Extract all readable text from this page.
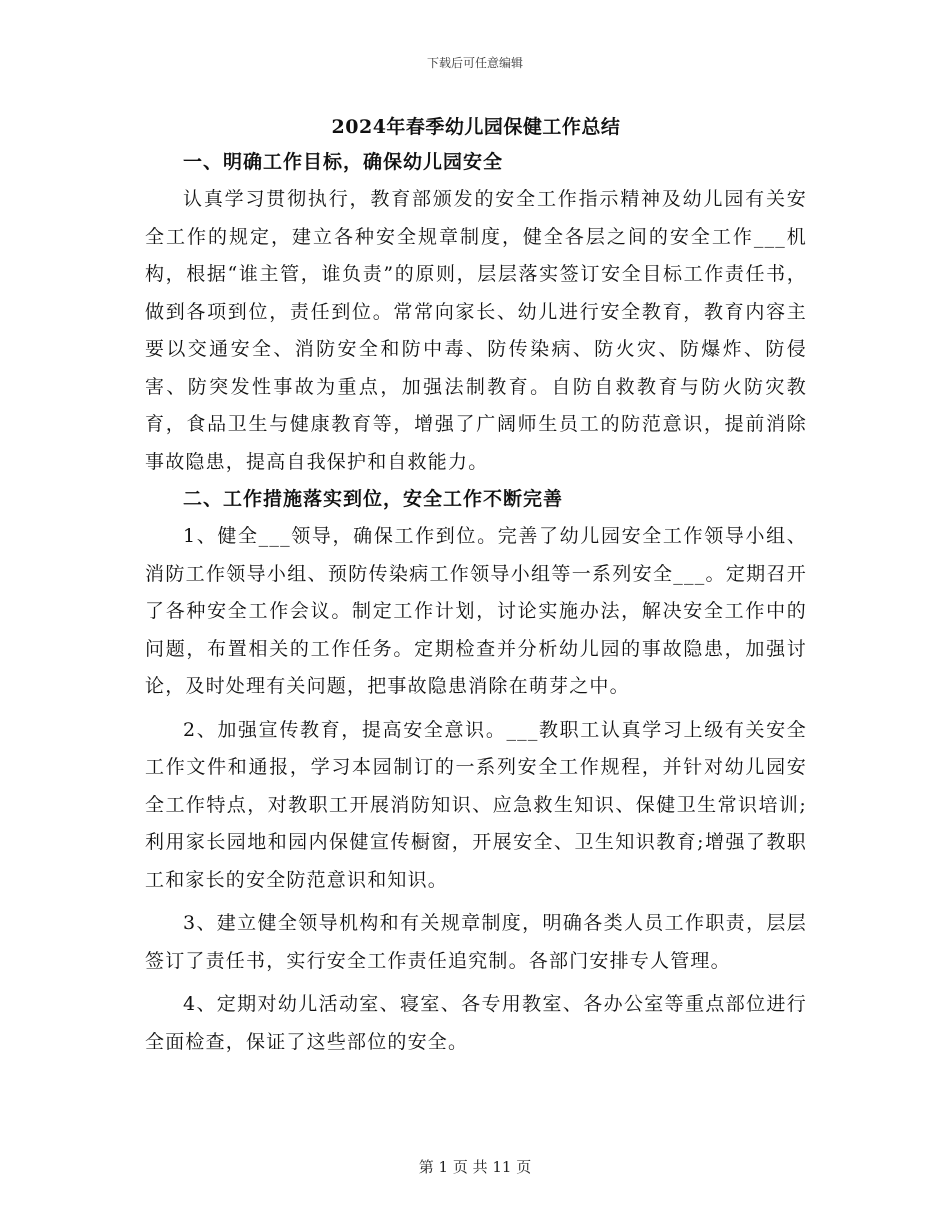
下载后可任意编辑
2024年春季幼儿园保健工作总结
一、明确工作目标，确保幼儿园安全

认真学习贯彻执行，教育部颁发的安全工作指示精神及幼儿园有关安全工作的规定，建立各种安全规章制度，健全各层之间的安全工作___机构，根据“谁主管，谁负责”的原则，层层落实签订安全目标工作责任书，做到各项到位，责任到位。常常向家长、幼儿进行安全教育，教育内容主要以交通安全、消防安全和防中毒、防传染病、防火灾、防爆炸、防侵害、防突发性事故为重点，加强法制教育。自防自救教育与防火防灾教育，食品卫生与健康教育等，增强了广阔师生员工的防范意识，提前消除事故隐患，提高自我保护和自救能力。

二、工作措施落实到位，安全工作不断完善

1、健全___领导，确保工作到位。完善了幼儿园安全工作领导小组、消防工作领导小组、预防传染病工作领导小组等一系列安全___。定期召开了各种安全工作会议。制定工作计划，讨论实施办法，解决安全工作中的问题，布置相关的工作任务。定期检查并分析幼儿园的事故隐患，加强讨论，及时处理有关问题，把事故隐患消除在萌芽之中。

2、加强宣传教育，提高安全意识。___教职工认真学习上级有关安全工作文件和通报，学习本园制订的一系列安全工作规程，并针对幼儿园安全工作特点，对教职工开展消防知识、应急救生知识、保健卫生常识培训;利用家长园地和园内保健宣传橱窗，开展安全、卫生知识教育;增强了教职工和家长的安全防范意识和知识。

3、建立健全领导机构和有关规章制度，明确各类人员工作职责，层层签订了责任书，实行安全工作责任追究制。各部门安排专人管理。

4、定期对幼儿活动室、寝室、各专用教室、各办公室等重点部位进行全面检查，保证了这些部位的安全。

第 1 页 共 11 页
